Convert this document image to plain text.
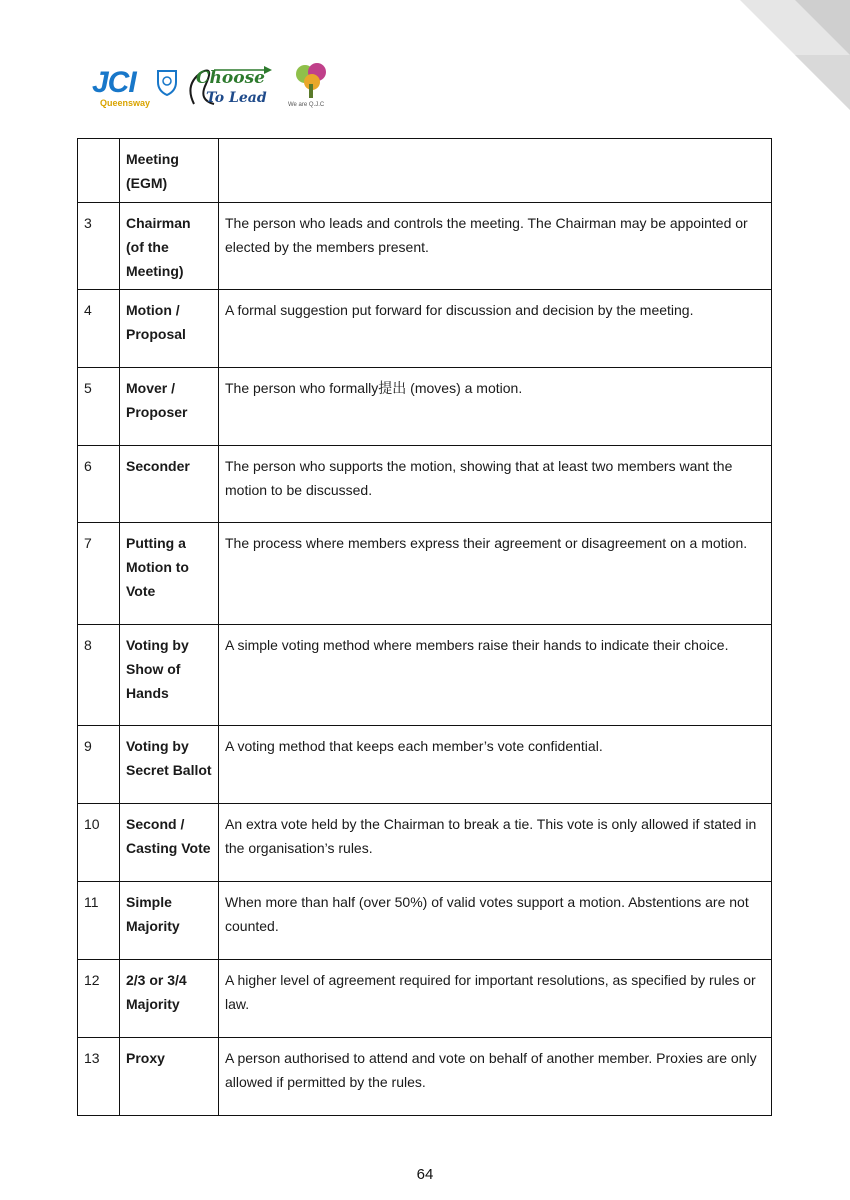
JCI
Queensway
Choose
To Lead	We are Q.J.C
	Meeting (EGM)	
3	Chairman (of the Meeting)	The person who leads and controls the meeting. The Chairman may be appointed or elected by the members present.
4	Motion / Proposal	A formal suggestion put forward for discussion and decision by the meeting.
5	Mover / Proposer	The person who formally提出 (moves) a motion.
6	Seconder	The person who supports the motion, showing that at least two members want the motion to be discussed.
7	Putting a Motion to Vote	The process where members express their agreement or disagreement on a motion.
8	Voting by Show of Hands	A simple voting method where members raise their hands to indicate their choice.
9	Voting by Secret Ballot	A voting method that keeps each member’s vote confidential.
10	Second / Casting Vote	An extra vote held by the Chairman to break a tie. This vote is only allowed if stated in the organisation’s rules.
11	Simple Majority	When more than half (over 50%) of valid votes support a motion. Abstentions are not counted.
12	2/3 or 3/4 Majority	A higher level of agreement required for important resolutions, as specified by rules or law.
13	Proxy	A person authorised to attend and vote on behalf of another member. Proxies are only allowed if permitted by the rules.
64
